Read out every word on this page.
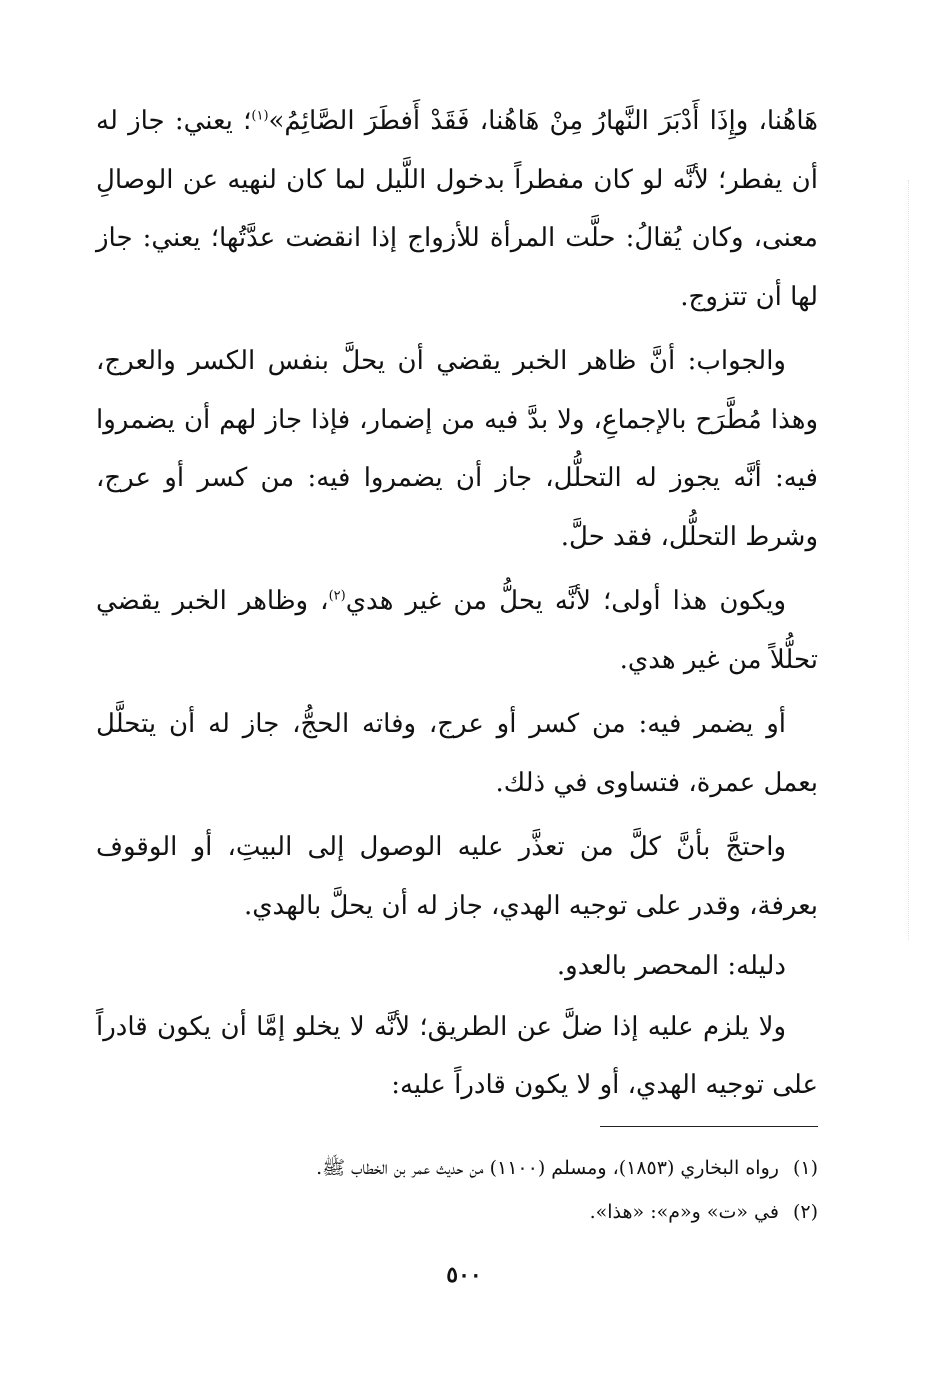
هَاهُنا، وإِذَا أَدْبَرَ النَّهارُ مِنْ هَاهُنا، فَقَدْ أَفطَرَ الصَّائِمُ»$^{(١)}$؛ يعني: جاز له أن يفطر؛ لأنَّه لو كان مفطراً بدخول اللَّيل لما كان لنهيه عن الوصالِ معنى، وكان يُقالُ: حلَّت المرأة للأزواج إذا انقضت عدَّتُها؛ يعني: جاز لها أن تتزوج.

والجواب: أنَّ ظاهر الخبر يقضي أن يحلَّ بنفس الكسر والعرج، وهذا مُطَّرَح بالإجماعِ، ولا بدَّ فيه من إضمار، فإذا جاز لهم أن يضمروا فيه: أنَّه يجوز له التحلُّل، جاز أن يضمروا فيه: من كسر أو عرج، وشرط التحلُّل، فقد حلَّ.

ويكون هذا أولى؛ لأنَّه يحلُّ من غير هدي$^{(٢)}$، وظاهر الخبر يقضي تحلُّلاً من غير هدي.

أو يضمر فيه: من كسر أو عرج، وفاته الحجُّ، جاز له أن يتحلَّل بعمل عمرة، فتساوى في ذلك.

واحتجَّ بأنَّ كلَّ من تعذَّر عليه الوصول إلى البيتِ، أو الوقوف بعرفة، وقدر على توجيه الهدي، جاز له أن يحلَّ بالهدي.

دليله: المحصر بالعدو.

ولا يلزم عليه إذا ضلَّ عن الطريق؛ لأنَّه لا يخلو إمَّا أن يكون قادراً على توجيه الهدي، أو لا يكون قادراً عليه:

(١)رواه البخاري (١٨٥٣)، ومسلم (١١٠٠) من حديث عمر بن الخطاب ﷺ.

(٢)في «ت» و«م»: «هذا».

٥٠٠
